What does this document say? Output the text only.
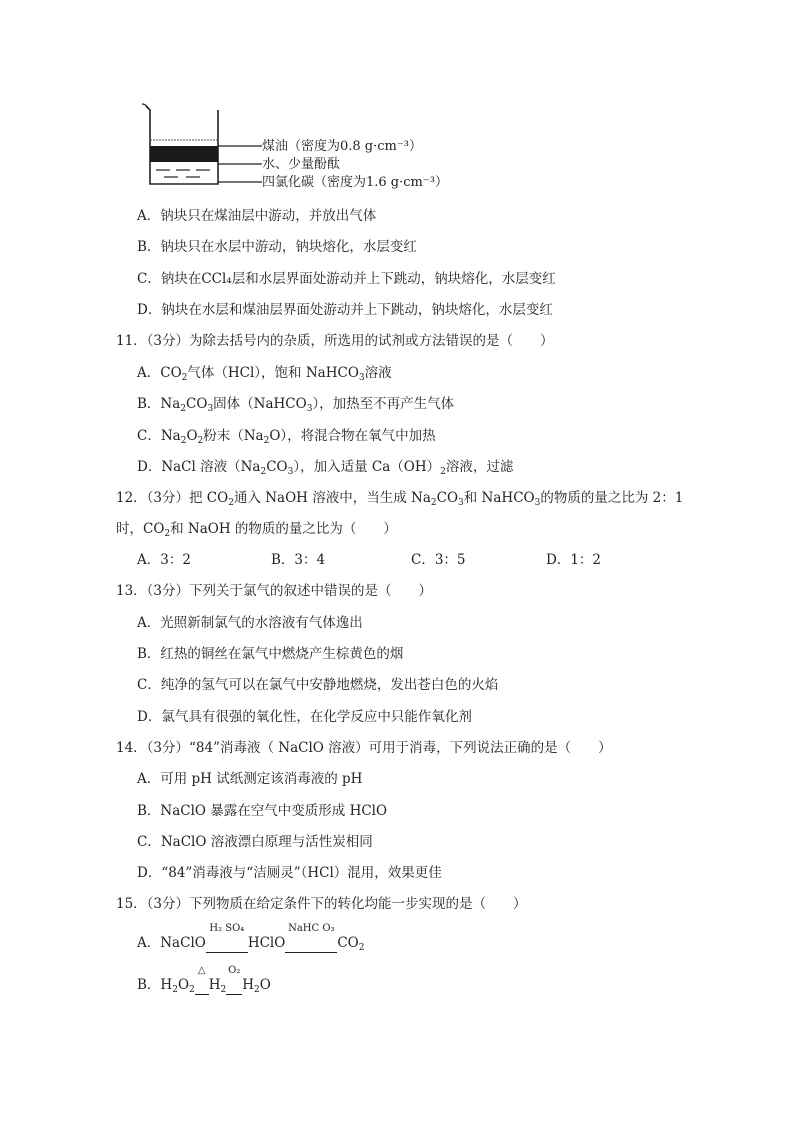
煤油（密度为0.8 g·cm⁻³）
水、少量酚酞
四氯化碳（密度为1.6 g·cm⁻³）
A．钠块只在煤油层中游动，并放出气体
B．钠块只在水层中游动，钠块熔化，水层变红
C．钠块在CCl₄层和水层界面处游动并上下跳动，钠块熔化，水层变红
D．钠块在水层和煤油层界面处游动并上下跳动，钠块熔化，水层变红
11．（3分）为除去括号内的杂质，所选用的试剂或方法错误的是（　　）
A．$CO_2$气体（HCl），饱和 NaHCO$_3$溶液
B．$Na_2CO_3$固体（NaHCO$_3$），加热至不再产生气体
C．$Na_2O_2$粉末$(Na_2O)$，将混合物在氧气中加热
D．NaCl 溶液$(Na_2CO_3)$，加入适量 $Ca(OH)_2$溶液，过滤
12．（3分）把 $CO_2$通入 NaOH 溶液中，当生成 $Na_2CO_3$和 NaHCO$_3$的物质的量之比为 2：1
时，$CO_2$和 NaOH 的物质的量之比为（　　）
A．3：2	B．3：4	C．3：5	D．1：2
13．（3分）下列关于氯气的叙述中错误的是（　　）
A．光照新制氯气的水溶液有气体逸出
B．红热的铜丝在氯气中燃烧产生棕黄色的烟
C．纯净的氢气可以在氯气中安静地燃烧，发出苍白色的火焰
D．氯气具有很强的氧化性，在化学反应中只能作氧化剂
14．（3分）“84”消毒液（ NaClO 溶液）可用于消毒，下列说法正确的是（　　）
A．可用 pH 试纸测定该消毒液的 pH
B．NaClO 暴露在空气中变质形成 HClO
C．NaClO 溶液漂白原理与活性炭相同
D．“84”消毒液与“洁厕灵”（HCl）混用，效果更佳
15．（3分）下列物质在给定条件下的转化均能一步实现的是（　　）
A．NaClO
H₂ SO₄

HClO
NaHC O₃

$CO_2$
B．$H_2O_2$
△

$H_2$
O₂

$H_2O$
